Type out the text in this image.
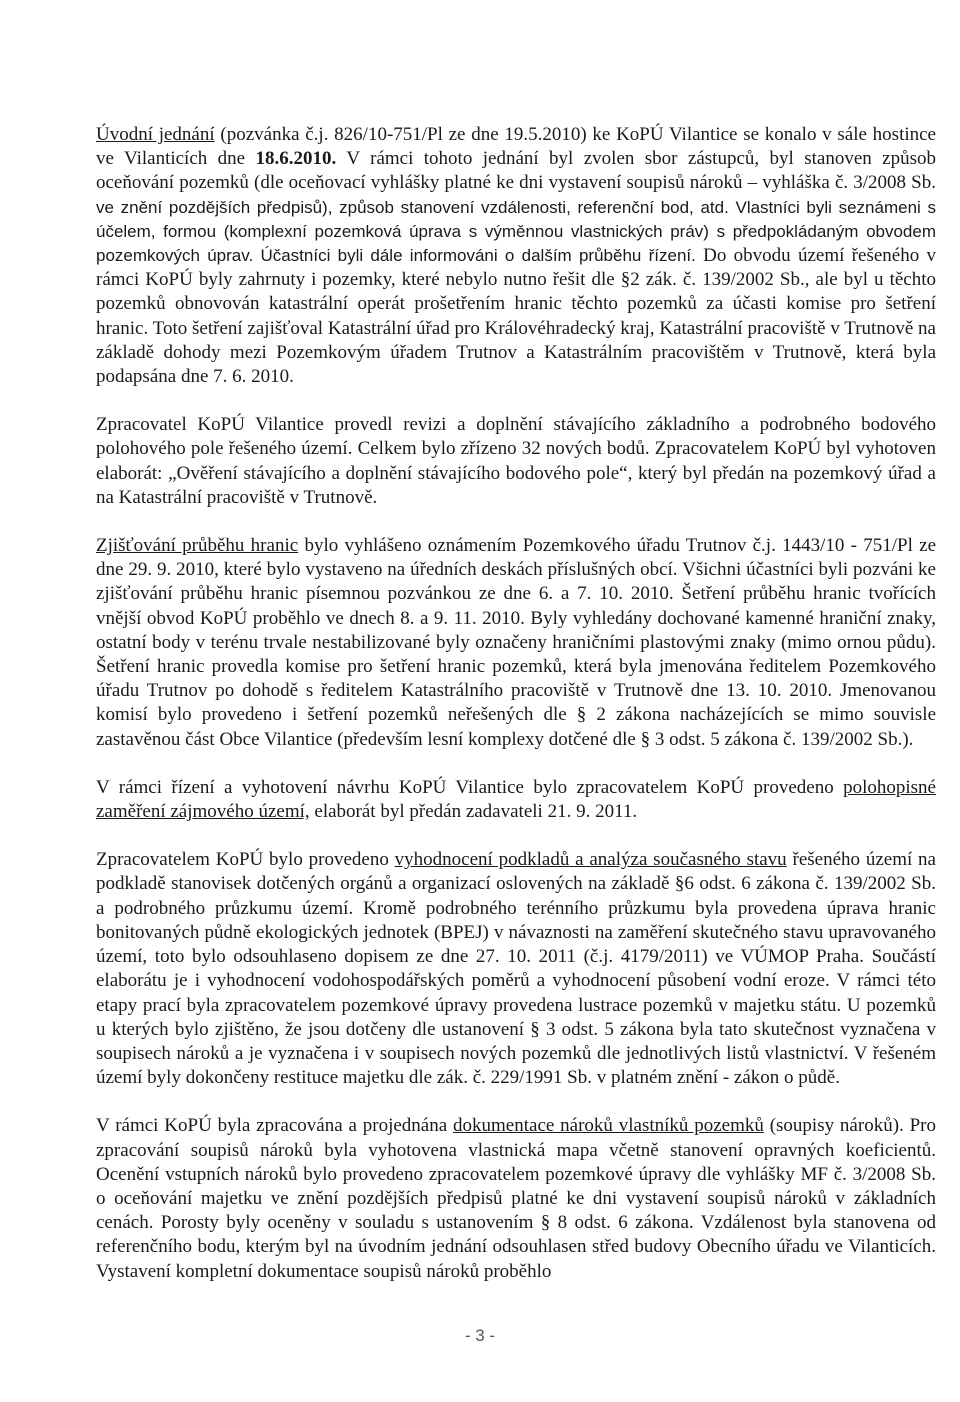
Úvodní jednání (pozvánka č.j. 826/10-751/Pl ze dne 19.5.2010) ke KoPÚ Vilantice se konalo v sále hostince ve Vilanticích dne 18.6.2010. V rámci tohoto jednání byl zvolen sbor zástupců, byl stanoven způsob oceňování pozemků (dle oceňovací vyhlášky platné ke dni vystavení soupisů nároků – vyhláška č. 3/2008 Sb. ve znění pozdějších předpisů), způsob stanovení vzdálenosti, referenční bod, atd. Vlastníci byli seznámeni s účelem, formou (komplexní pozemková úprava s výměnnou vlastnických práv) s předpokládaným obvodem pozemkových úprav. Účastníci byli dále informováni o dalším průběhu řízení. Do obvodu území řešeného v rámci KoPÚ byly zahrnuty i pozemky, které nebylo nutno řešit dle §2 zák. č. 139/2002 Sb., ale byl u těchto pozemků obnovován katastrální operát prošetřením hranic těchto pozemků za účasti komise pro šetření hranic. Toto šetření zajišťoval Katastrální úřad pro Královéhradecký kraj, Katastrální pracoviště v Trutnově na základě dohody mezi Pozemkovým úřadem Trutnov a Katastrálním pracovištěm v Trutnově, která byla podapsána dne 7. 6. 2010.

Zpracovatel KoPÚ Vilantice provedl revizi a doplnění stávajícího základního a podrobného bodového polohového pole řešeného území. Celkem bylo zřízeno 32 nových bodů. Zpracovatelem KoPÚ byl vyhotoven elaborát: „Ověření stávajícího a doplnění stávajícího bodového pole“, který byl předán na pozemkový úřad a na Katastrální pracoviště v Trutnově.

Zjišťování průběhu hranic bylo vyhlášeno oznámením Pozemkového úřadu Trutnov č.j. 1443/10 - 751/Pl ze dne 29. 9. 2010, které bylo vystaveno na úředních deskách příslušných obcí. Všichni účastníci byli pozváni ke zjišťování průběhu hranic písemnou pozvánkou ze dne 6. a 7. 10. 2010. Šetření průběhu hranic tvořících vnější obvod KoPÚ proběhlo ve dnech 8. a 9. 11. 2010. Byly vyhledány dochované kamenné hraniční znaky, ostatní body v terénu trvale nestabilizované byly označeny hraničními plastovými znaky (mimo ornou půdu). Šetření hranic provedla komise pro šetření hranic pozemků, která byla jmenována ředitelem Pozemkového úřadu Trutnov po dohodě s ředitelem Katastrálního pracoviště v Trutnově dne 13. 10. 2010. Jmenovanou komisí bylo provedeno i šetření pozemků neřešených dle § 2 zákona nacházejících se mimo souvisle zastavěnou část Obce Vilantice (především lesní komplexy dotčené dle § 3 odst. 5 zákona č. 139/2002 Sb.).

V rámci řízení a vyhotovení návrhu KoPÚ Vilantice bylo zpracovatelem KoPÚ provedeno polohopisné zaměření zájmového území, elaborát byl předán zadavateli 21. 9. 2011.

Zpracovatelem KoPÚ bylo provedeno vyhodnocení podkladů a analýza současného stavu řešeného území na podkladě stanovisek dotčených orgánů a organizací oslovených na základě §6 odst. 6 zákona č. 139/2002 Sb. a podrobného průzkumu území. Kromě podrobného terénního průzkumu byla provedena úprava hranic bonitovaných půdně ekologických jednotek (BPEJ) v návaznosti na zaměření skutečného stavu upravovaného území, toto bylo odsouhlaseno dopisem ze dne 27. 10. 2011 (č.j. 4179/2011) ve VÚMOP Praha. Součástí elaborátu je i vyhodnocení vodohospodářských poměrů a vyhodnocení působení vodní eroze. V rámci této etapy prací byla zpracovatelem pozemkové úpravy provedena lustrace pozemků v majetku státu. U pozemků u kterých bylo zjištěno, že jsou dotčeny dle ustanovení § 3 odst. 5 zákona byla tato skutečnost vyznačena v soupisech nároků a je vyznačena i v soupisech nových pozemků dle jednotlivých listů vlastnictví. V řešeném území byly dokončeny restituce majetku dle zák. č. 229/1991 Sb. v platném znění - zákon o půdě.

V rámci KoPÚ byla zpracována a projednána dokumentace nároků vlastníků pozemků (soupisy nároků). Pro zpracování soupisů nároků byla vyhotovena vlastnická mapa včetně stanovení opravných koeficientů. Ocenění vstupních nároků bylo provedeno zpracovatelem pozemkové úpravy dle vyhlášky MF č. 3/2008 Sb. o oceňování majetku ve znění pozdějších předpisů platné ke dni vystavení soupisů nároků v základních cenách. Porosty byly oceněny v souladu s ustanovením § 8 odst. 6 zákona. Vzdálenost byla stanovena od referenčního bodu, kterým byl na úvodním jednání odsouhlasen střed budovy Obecního úřadu ve Vilanticích. Vystavení kompletní dokumentace soupisů nároků proběhlo

- 3 -
